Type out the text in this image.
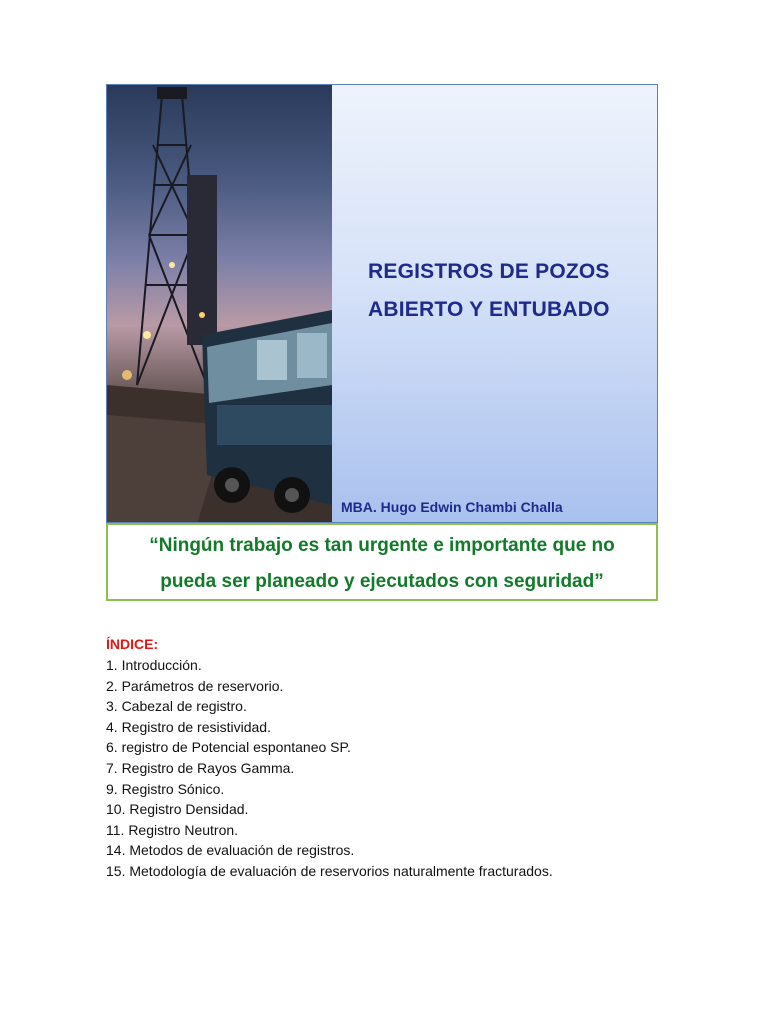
REGISTROS DE POZOS
ABIERTO Y ENTUBADO
MBA. Hugo Edwin Chambi Challa
“Ningún trabajo es tan urgente e importante que no
pueda ser planeado y ejecutados con seguridad”
ÍNDICE:
1. Introducción.
2. Parámetros de reservorio.
3. Cabezal de registro.
4. Registro de resistividad.
6. registro de Potencial espontaneo SP.
7. Registro de Rayos Gamma.
9. Registro Sónico.
10. Registro Densidad.
11. Registro Neutron.
14. Metodos de evaluación de registros.
15. Metodología de evaluación de reservorios naturalmente fracturados.
